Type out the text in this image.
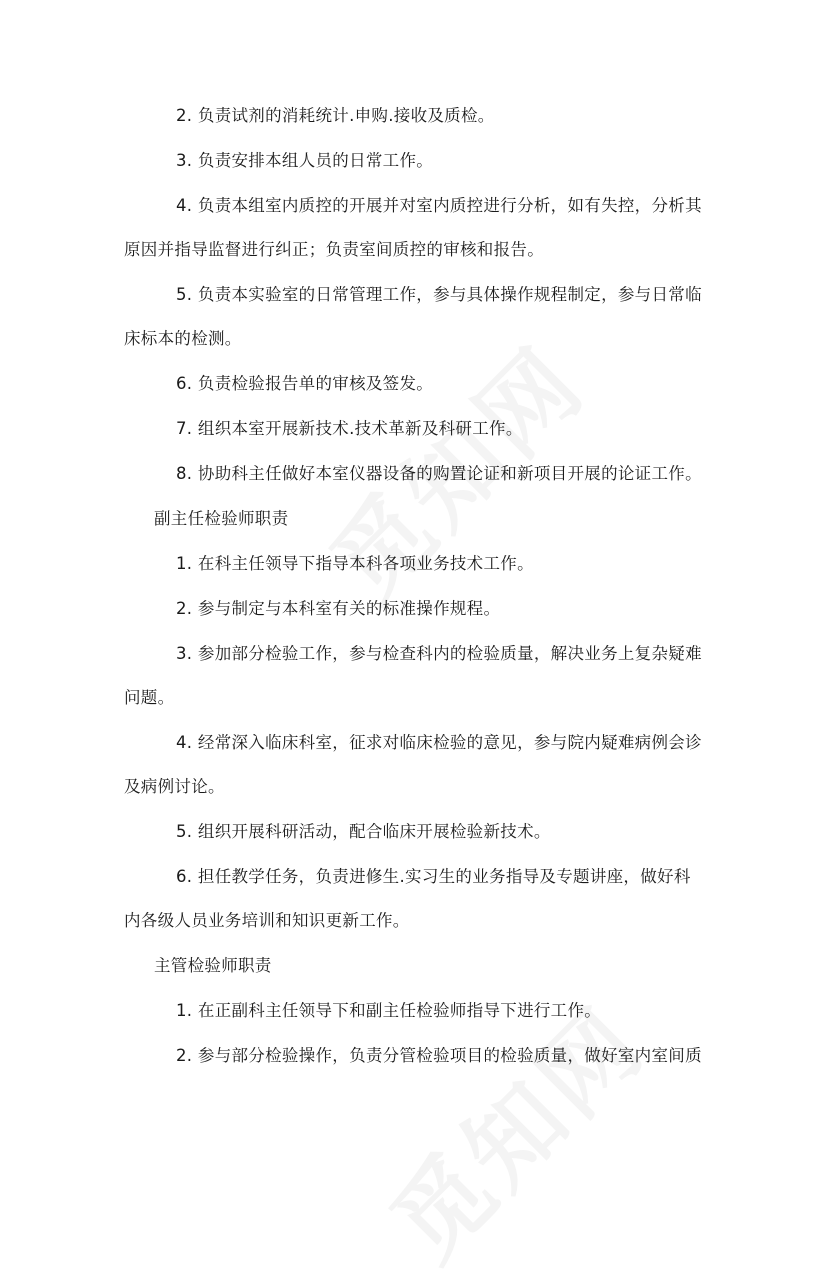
2. 负责试剂的消耗统计.申购.接收及质检。
3. 负责安排本组人员的日常工作。
4. 负责本组室内质控的开展并对室内质控进行分析，如有失控，分析其
原因并指导监督进行纠正；负责室间质控的审核和报告。
5. 负责本实验室的日常管理工作，参与具体操作规程制定，参与日常临
床标本的检测。
6. 负责检验报告单的审核及签发。
7. 组织本室开展新技术.技术革新及科研工作。
8. 协助科主任做好本室仪器设备的购置论证和新项目开展的论证工作。
副主任检验师职责
1. 在科主任领导下指导本科各项业务技术工作。
2. 参与制定与本科室有关的标准操作规程。
3. 参加部分检验工作，参与检查科内的检验质量，解决业务上复杂疑难
问题。
4. 经常深入临床科室，征求对临床检验的意见，参与院内疑难病例会诊
及病例讨论。
5. 组织开展科研活动，配合临床开展检验新技术。
6. 担任教学任务，负责进修生.实习生的业务指导及专题讲座，做好科
内各级人员业务培训和知识更新工作。
主管检验师职责
1. 在正副科主任领导下和副主任检验师指导下进行工作。
2. 参与部分检验操作，负责分管检验项目的检验质量，做好室内室间质
